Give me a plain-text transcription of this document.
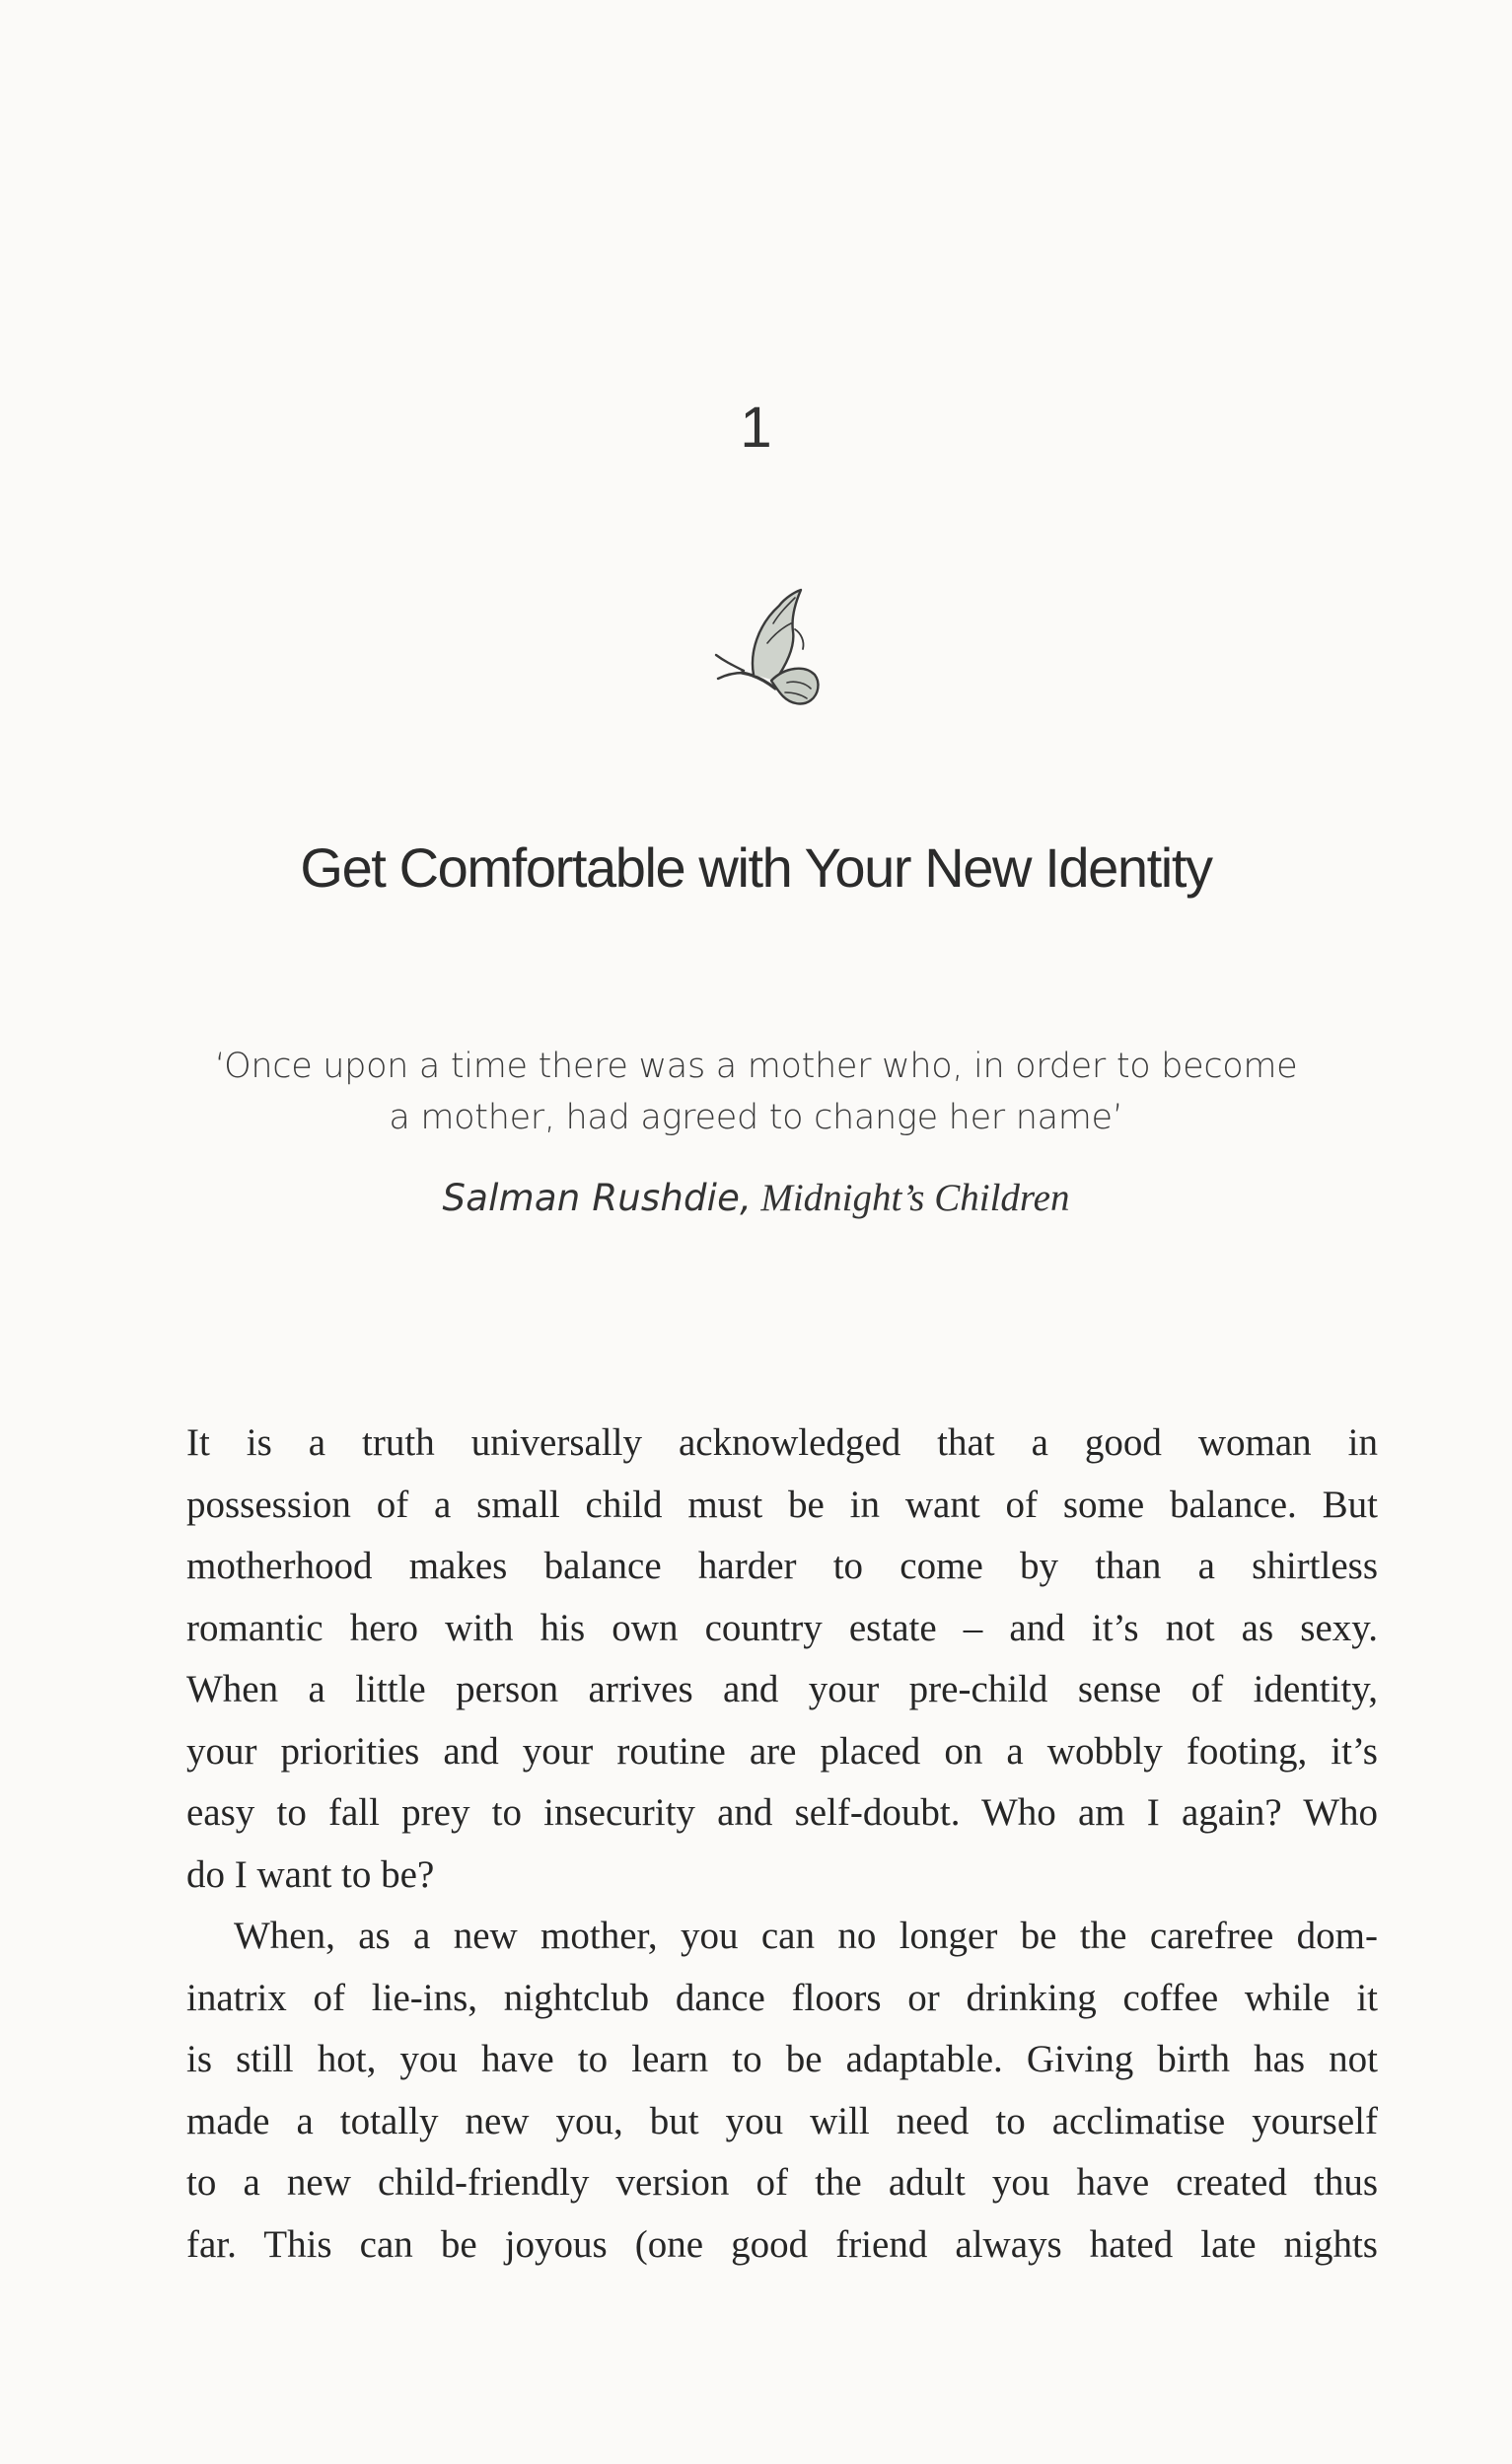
1
Get Comfortable with Your New Identity
‘Once upon a time there was a mother who, in order to become
a mother, had agreed to change her name’
Salman Rushdie, Midnight’s Children

It is a truth universally acknowledged that a good woman in
possession of a small child must be in want of some balance. But
motherhood makes balance harder to come by than a shirtless
romantic hero with his own country estate – and it’s not as sexy.
When a little person arrives and your pre-child sense of identity,
your priorities and your routine are placed on a wobbly footing, it’s
easy to fall prey to insecurity and self-doubt. Who am I again? Who
do I want to be?

When, as a new mother, you can no longer be the carefree dom-
inatrix of lie-ins, nightclub dance floors or drinking coffee while it
is still hot, you have to learn to be adaptable. Giving birth has not
made a totally new you, but you will need to acclimatise yourself
to a new child-friendly version of the adult you have created thus
far. This can be joyous (one good friend always hated late nights
